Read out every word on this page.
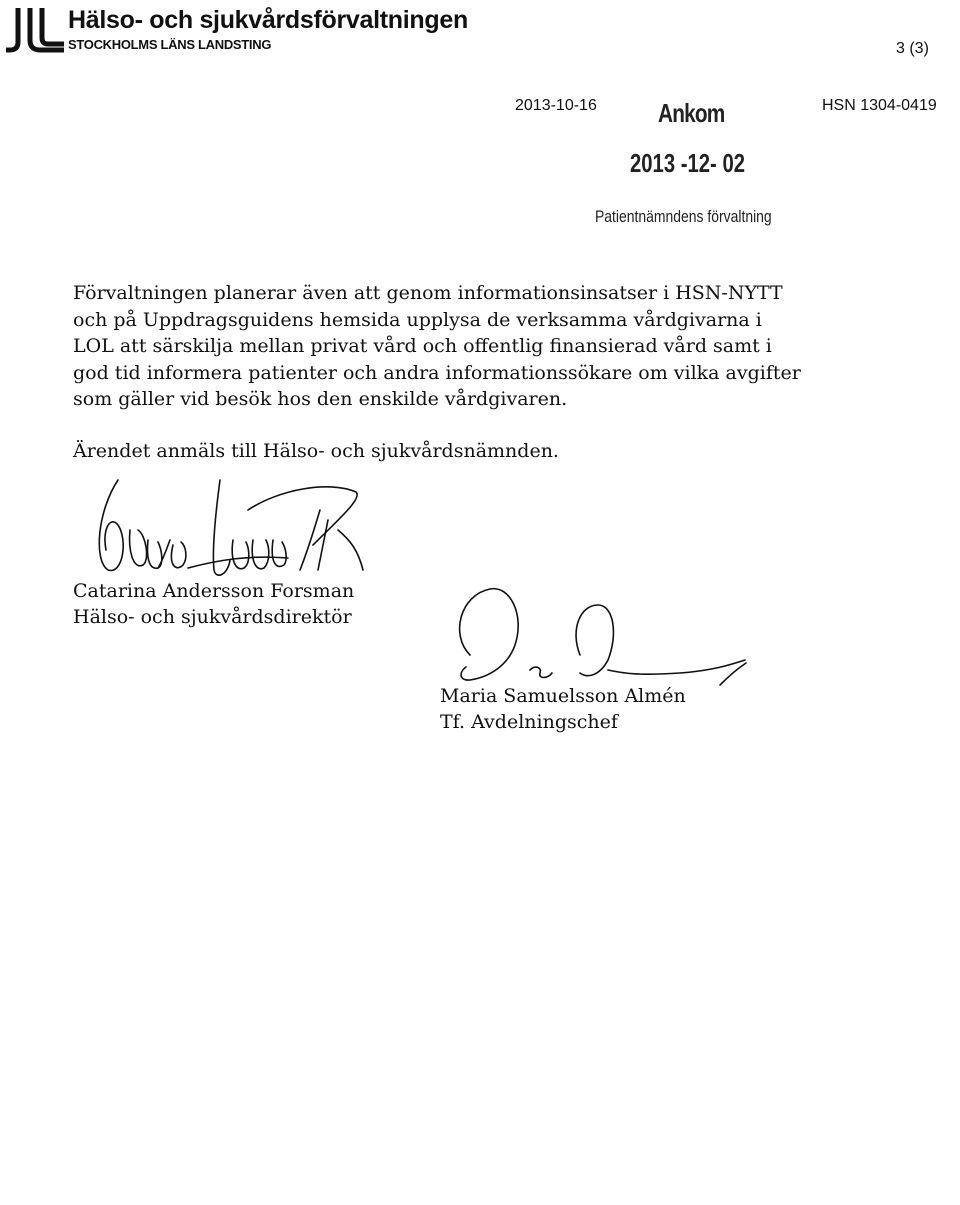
Hälso- och sjukvårdsförvaltningen
STOCKHOLMS LÄNS LANDSTING	3 (3)
2013-10-16	HSN 1304-0419
Ankom
2013 -12- 02
Patientnämndens förvaltning

Förvaltningen planerar även att genom informationsinsatser i HSN-NYTT

och på Uppdragsguidens hemsida upplysa de verksamma vårdgivarna i

LOL att särskilja mellan privat vård och offentlig finansierad vård samt i

god tid informera patienter och andra informationssökare om vilka avgifter

som gäller vid besök hos den enskilde vårdgivaren.

Ärendet anmäls till Hälso- och sjukvårdsnämnden.
Catarina Andersson Forsman
Hälso- och sjukvårdsdirektör
Maria Samuelsson Almén
Tf. Avdelningschef
